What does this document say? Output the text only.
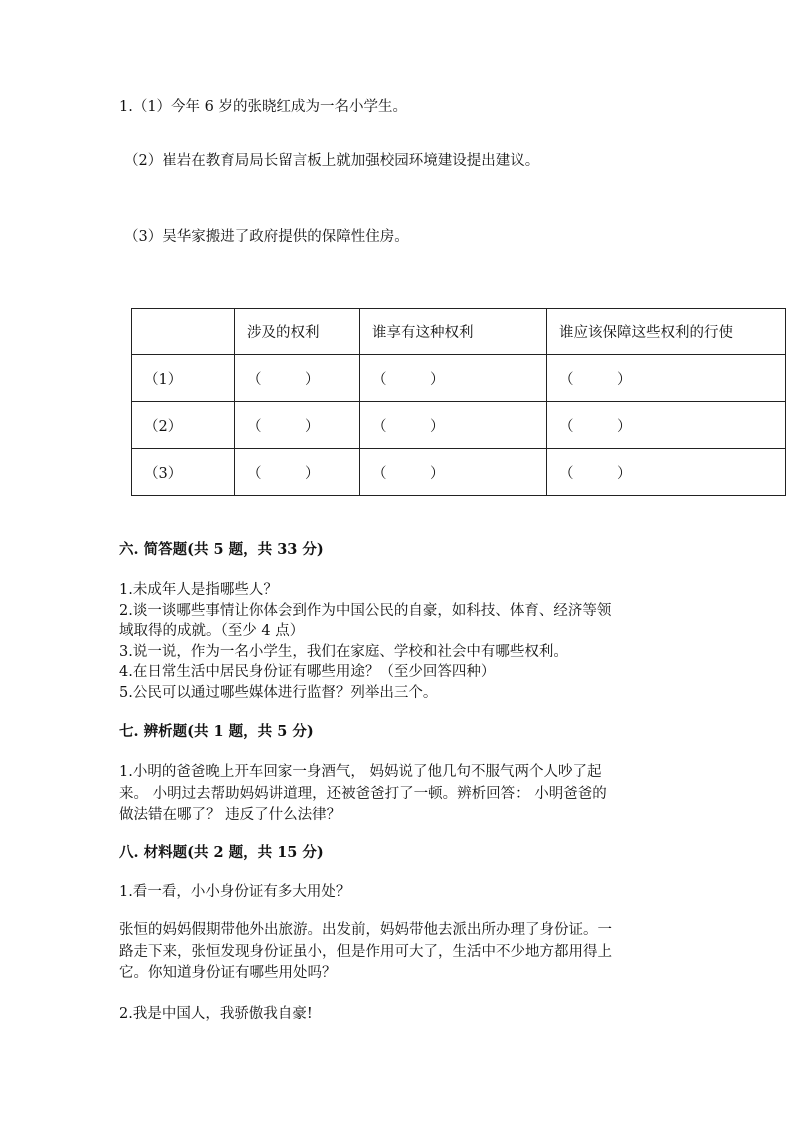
1.（1）今年 6 岁的张晓红成为一名小学生。
（2）崔岩在教育局局长留言板上就加强校园环境建设提出建议。
（3）吴华家搬进了政府提供的保障性住房。
	涉及的权利	谁享有这种权利	谁应该保障这些权利的行使
（1）	（　　　）	（　　　）	（　　　）
（2）	（　　　）	（　　　）	（　　　）
（3）	（　　　）	（　　　）	（　　　）
六. 简答题(共 5 题，共 33 分)
1.未成年人是指哪些人？
2.谈一谈哪些事情让你体会到作为中国公民的自豪，如科技、体育、经济等领
域取得的成就。（至少 4 点）
3.说一说，作为一名小学生，我们在家庭、学校和社会中有哪些权利。
4.在日常生活中居民身份证有哪些用途？（至少回答四种）
5.公民可以通过哪些媒体进行监督？列举出三个。
七. 辨析题(共 1 题，共 5 分)
1.小明的爸爸晚上开车回家一身酒气， 妈妈说了他几句不服气两个人吵了起
来。 小明过去帮助妈妈讲道理，还被爸爸打了一顿。辨析回答： 小明爸爸的
做法错在哪了？ 违反了什么法律？
八. 材料题(共 2 题，共 15 分)
1.看一看，小小身份证有多大用处？
张恒的妈妈假期带他外出旅游。出发前，妈妈带他去派出所办理了身份证。一
路走下来，张恒发现身份证虽小，但是作用可大了，生活中不少地方都用得上
它。你知道身份证有哪些用处吗？
2.我是中国人，我骄傲我自豪!
